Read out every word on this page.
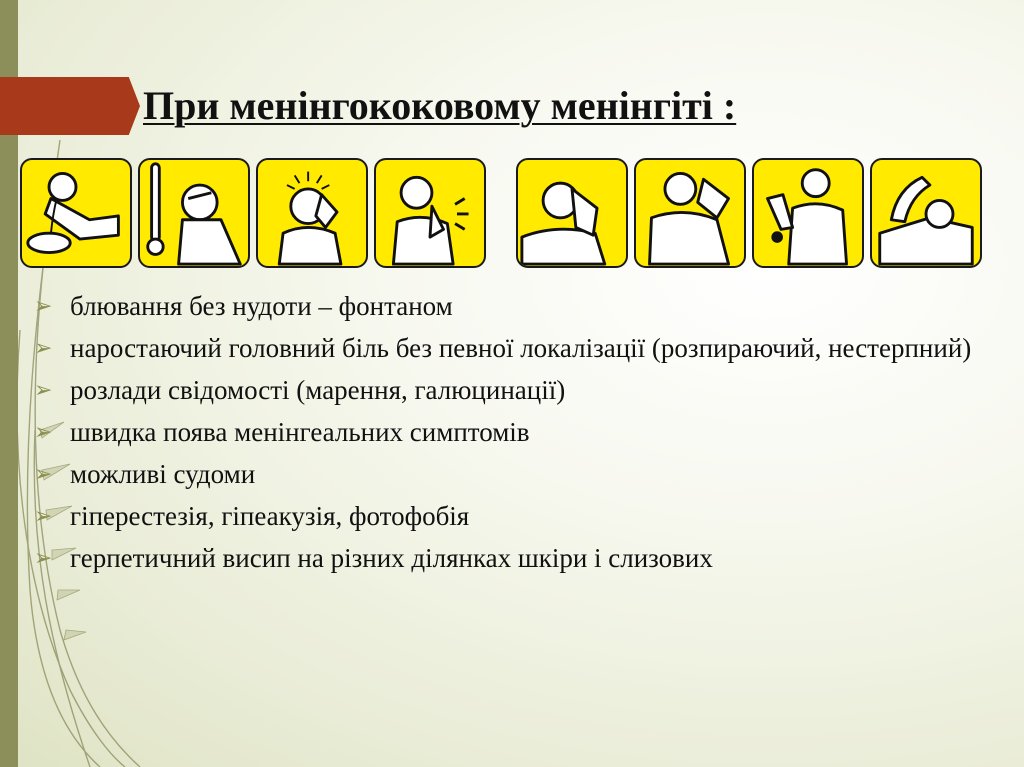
При менінгококовому менінгіті :
➢ блювання без нудоти – фонтаном
➢ наростаючий головний біль без певної локалізації (розпираючий, нестерпний)
➢ розлади свідомості (марення, галюцинації)
➢ швидка поява менінгеальних симптомів
➢ можливі судоми
➢ гіперестезія, гіпеакузія, фотофобія
➢ герпетичний висип на різних ділянках шкіри і слизових
